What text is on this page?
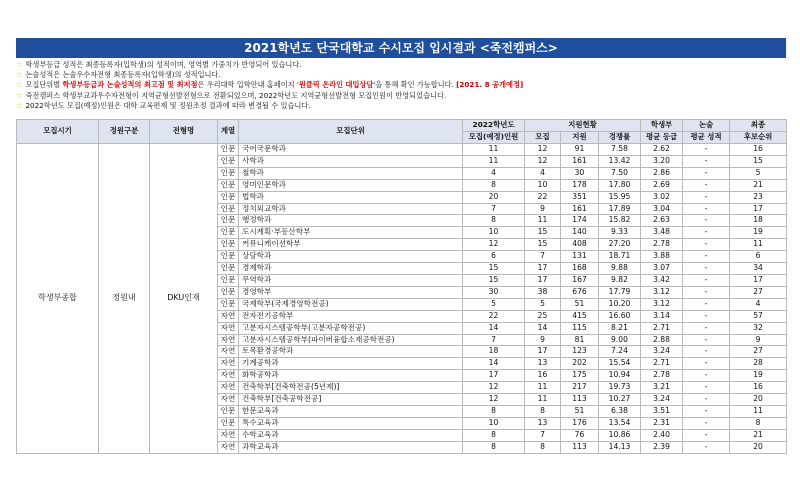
2021학년도 단국대학교 수시모집 입시결과 <죽전캠퍼스>
☆ 학생부등급 성적은 최종등록자(입학생)의 성적이며, 영역별 가중치가 반영되어 있습니다.
☆ 논술성적은 논술우수자전형 최종등록자(입학생)의 성적입니다.
☆ 모집단위별 학생부등급과 논술성적의 최고점 및 최저점은 우리대학 입학안내 홈페이지 '원클릭 온라인 대입상담'을 통해 확인 가능합니다. [2021. 8 공개예정]
☆ 죽전캠퍼스 학생부교과우수자전형이 지역균형선발전형으로 전환되었으며, 2022학년도 지역균형선발전형 모집인원이 반영되었습니다.
☆ 2022학년도 모집(예정)인원은 대학 교육편제 및 정원조정 결과에 따라 변경될 수 있습니다.
모집시기	정원구분	전형명	계열	모집단위	2022학년도	지원현황			학생부	논술	최종
					모집(예정)인원	모집	지원	경쟁률	평균 등급	평균 성적	후보순위
학생부종합	정원내	DKU인재	인문	국어국문학과	11	12	91	7.58	2.62	-	16
			인문	사학과	11	12	161	13.42	3.20	-	15
			인문	철학과	4	4	30	7.50	2.86	-	5
			인문	영미인문학과	8	10	178	17.80	2.69	-	21
			인문	법학과	20	22	351	15.95	3.02	-	23
			인문	정치외교학과	7	9	161	17.89	3.04	-	17
			인문	행정학과	8	11	174	15.82	2.63	-	18
			인문	도시계획·부동산학부	10	15	140	9.33	3.48	-	19
			인문	커뮤니케이션학부	12	15	408	27.20	2.78	-	11
			인문	상담학과	6	7	131	18.71	3.88	-	6
			인문	경제학과	15	17	168	9.88	3.07	-	34
			인문	무역학과	15	17	167	9.82	3.42	-	17
			인문	경영학부	30	38	676	17.79	3.12	-	27
			인문	국제학부(국제경영학전공)	5	5	51	10.20	3.12	-	4
			자연	전자전기공학부	22	25	415	16.60	3.14	-	57
			자연	고분자시스템공학부(고분자공학전공)	14	14	115	8.21	2.71	-	32
			자연	고분자시스템공학부(파이버융합소재공학전공)	7	9	81	9.00	2.88	-	9
			자연	토목환경공학과	18	17	123	7.24	3.24	-	27
			자연	기계공학과	14	13	202	15.54	2.71	-	28
			자연	화학공학과	17	16	175	10.94	2.78	-	19
			자연	건축학부[건축학전공(5년제)]	12	11	217	19.73	3.21	-	16
			자연	건축학부[건축공학전공]	12	11	113	10.27	3.24	-	20
			인문	한문교육과	8	8	51	6.38	3.51	-	11
			인문	특수교육과	10	13	176	13.54	2.31	-	8
			자연	수학교육과	8	7	76	10.86	2.40	-	21
			자연	과학교육과	8	8	113	14.13	2.39	-	20
